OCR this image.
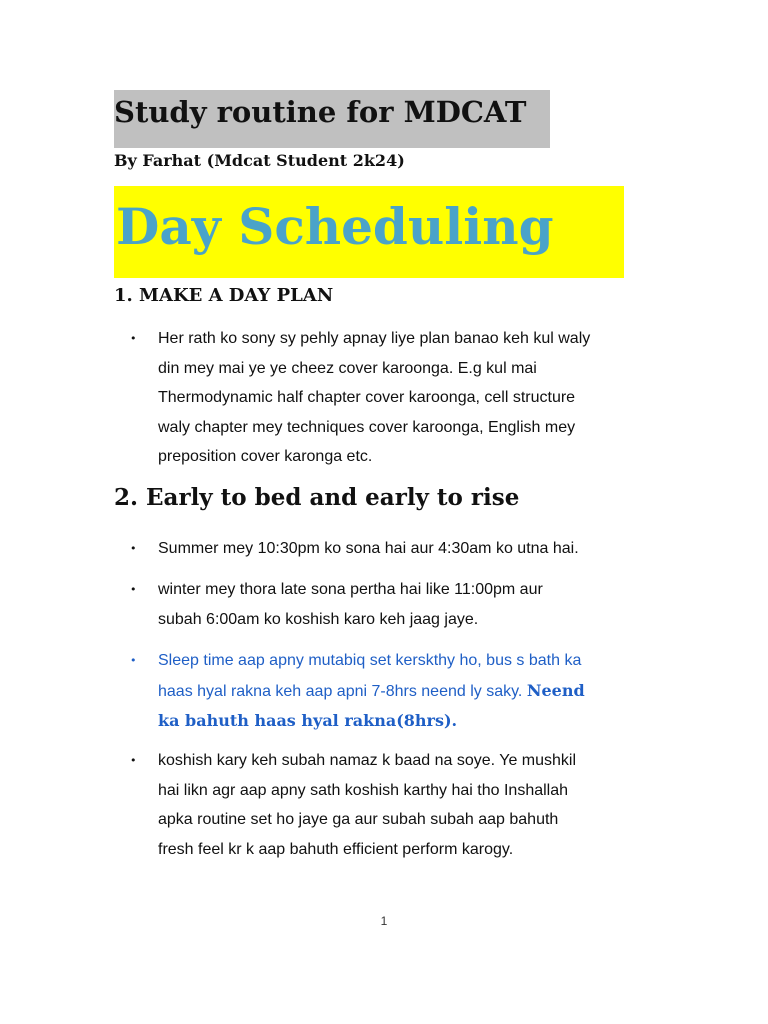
Study routine for MDCAT
By Farhat (Mdcat Student 2k24)
Day Scheduling
1. MAKE A DAY PLAN
• Her rath ko sony sy pehly apnay liye plan banao keh kul waly
din mey mai ye ye cheez cover karoonga. E.g kul mai
Thermodynamic half chapter cover karoonga, cell structure
waly chapter mey techniques cover karoonga, English mey
preposition cover karonga etc.
2. Early to bed and early to rise
• Summer mey 10:30pm ko sona hai aur 4:30am ko utna hai.
• winter mey thora late sona pertha hai like 11:00pm aur
subah 6:00am ko koshish karo keh jaag jaye.
• Sleep time aap apny mutabiq set kerskthy ho, bus s bath ka
haas hyal rakna keh aap apni 7-8hrs neend ly saky. Neend
ka bahuth haas hyal rakna(8hrs).
• koshish kary keh subah namaz k baad na soye. Ye mushkil
hai likn agr aap apny sath koshish karthy hai tho Inshallah
apka routine set ho jaye ga aur subah subah aap bahuth
fresh feel kr k aap bahuth efficient perform karogy.
1
